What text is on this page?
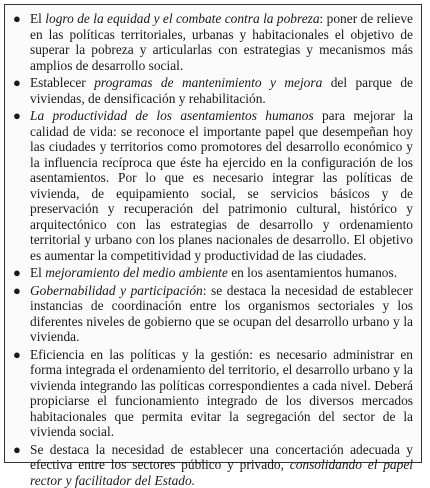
● El logro de la equidad y el combate contra la pobreza: poner de relieve en las políticas territoriales, urbanas y habitacionales el objetivo de superar la pobreza y articularlas con estrategias y mecanismos más amplios de desarrollo social.
● Establecer programas de mantenimiento y mejora del parque de viviendas, de densificación y rehabilitación.
● La productividad de los asentamientos humanos para mejorar la calidad de vida: se reconoce el importante papel que desempeñan hoy las ciudades y territorios como promotores del desarrollo económico y la influencia recíproca que éste ha ejercido en la configuración de los asentamientos. Por lo que es necesario integrar las políticas de vivienda, de equipamiento social, se servicios básicos y de preservación y recuperación del patrimonio cultural, histórico y arquitectónico con las estrategias de desarrollo y ordenamiento territorial y urbano con los planes nacionales de desarrollo. El objetivo es aumentar la competitividad y productividad de las ciudades.
● El mejoramiento del medio ambiente en los asentamientos humanos.
● Gobernabilidad y participación: se destaca la necesidad de establecer instancias de coordinación entre los organismos sectoriales y los diferentes niveles de gobierno que se ocupan del desarrollo urbano y la vivienda.
● Eficiencia en las políticas y la gestión: es necesario administrar en forma integrada el ordenamiento del territorio, el desarrollo urbano y la vivienda integrando las políticas correspondientes a cada nivel. Deberá propiciarse el funcionamiento integrado de los diversos mercados habitacionales que permita evitar la segregación del sector de la vivienda social.
● Se destaca la necesidad de establecer una concertación adecuada y efectiva entre los sectores público y privado, consolidando el papel rector y facilitador del Estado.
